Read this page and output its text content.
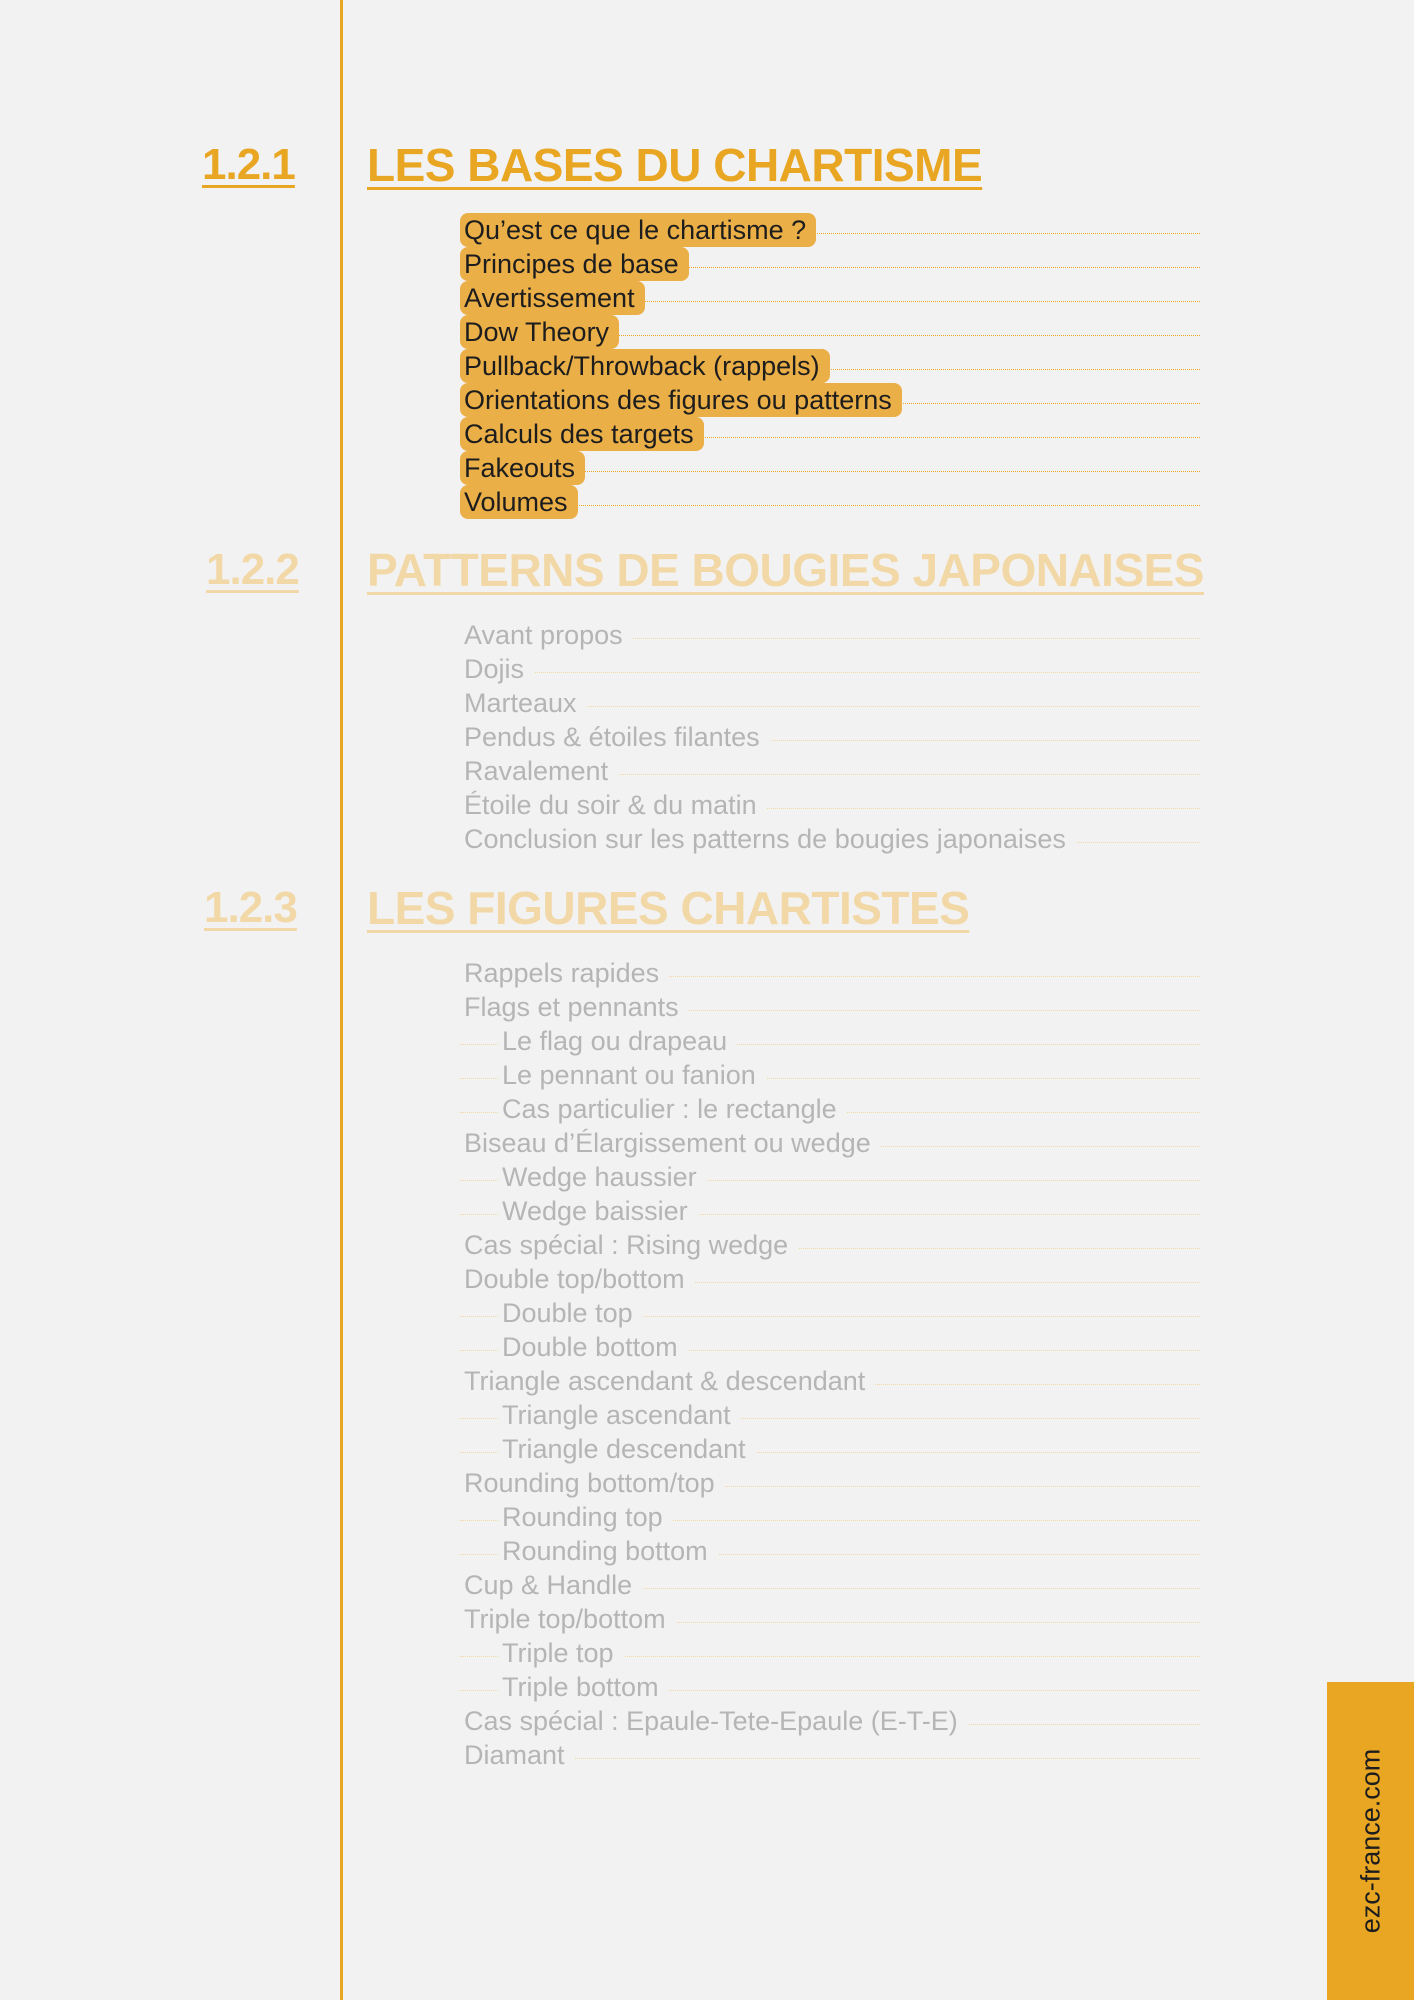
1.2.1 LES BASES DU CHARTISME
Qu’est ce que le chartisme ?
Principes de base
Avertissement
Dow Theory
Pullback/Throwback (rappels)
Orientations des figures ou patterns
Calculs des targets
Fakeouts
Volumes
1.2.2 PATTERNS DE BOUGIES JAPONAISES
Avant propos
Dojis
Marteaux
Pendus & étoiles filantes
Ravalement
Étoile du soir & du matin
Conclusion sur les patterns de bougies japonaises
1.2.3 LES FIGURES CHARTISTES
Rappels rapides
Flags et pennants
Le flag ou drapeau
Le pennant ou fanion
Cas particulier : le rectangle
Biseau d’Élargissement ou wedge
Wedge haussier
Wedge baissier
Cas spécial : Rising wedge
Double top/bottom
Double top
Double bottom
Triangle ascendant & descendant
Triangle ascendant
Triangle descendant
Rounding bottom/top
Rounding top
Rounding bottom
Cup & Handle
Triple top/bottom
Triple top
Triple bottom
Cas spécial : Epaule-Tete-Epaule (E-T-E)
Diamant	ezc-france.com
